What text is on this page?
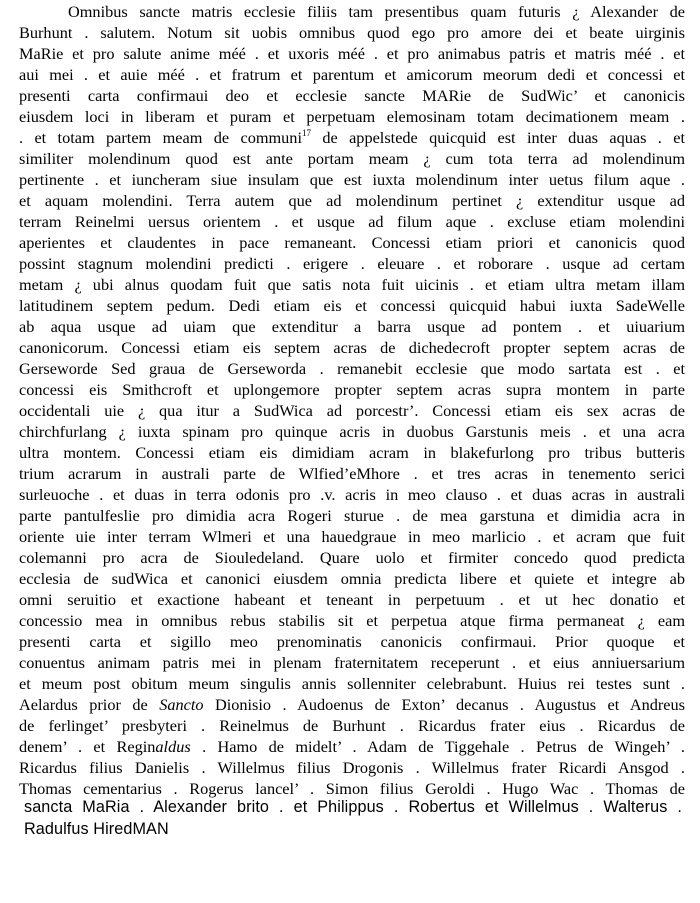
Omnibus sancte matris ecclesie filiis tam presentibus quam futuris ¿ Alexander de
Burhunt . salutem. Notum sit uobis omnibus quod ego pro amore dei et beate uirginis
MaRie et pro salute anime méé . et uxoris méé . et pro animabus patris et matris méé . et
aui mei . et auie méé . et fratrum et parentum et amicorum meorum dedi et concessi et
presenti carta confirmaui deo et ecclesie sancte MARie de SudWic’ et canonicis
eiusdem loci in liberam et puram et perpetuam elemosinam totam decimationem meam .
. et totam partem meam de communi$^{17}$ de appelstede quicquid est inter duas aquas . et
similiter molendinum quod est ante portam meam ¿ cum tota terra ad molendinum
pertinente . et iuncheram siue insulam que est iuxta molendinum inter uetus filum aque .
et aquam molendini. Terra autem que ad molendinum pertinet ¿ extenditur usque ad
terram Reinelmi uersus orientem . et usque ad filum aque . excluse etiam molendini
aperientes et claudentes in pace remaneant. Concessi etiam priori et canonicis quod
possint stagnum molendini predicti . erigere . eleuare . et roborare . usque ad certam
metam ¿ ubi alnus quodam fuit que satis nota fuit uicinis . et etiam ultra metam illam
latitudinem septem pedum. Dedi etiam eis et concessi quicquid habui iuxta SadeWelle
ab aqua usque ad uiam que extenditur a barra usque ad pontem . et uiuarium
canonicorum. Concessi etiam eis septem acras de dichedecroft propter septem acras de
Gerseworde Sed graua de Gerseworda . remanebit ecclesie que modo sartata est . et
concessi eis Smithcroft et uplongemore propter septem acras supra montem in parte
occidentali uie ¿ qua itur a SudWica ad porcestr’. Concessi etiam eis sex acras de
chirchfurlang ¿ iuxta spinam pro quinque acris in duobus Garstunis meis . et una acra
ultra montem. Concessi etiam eis dimidiam acram in blakefurlong pro tribus butteris
trium acrarum in australi parte de Wlfied’eMhore . et tres acras in tenemento serici
surleuoche . et duas in terra odonis pro .v. acris in meo clauso . et duas acras in australi
parte pantulfeslie pro dimidia acra Rogeri sturue . de mea garstuna et dimidia acra in
oriente uie inter terram Wlmeri et una hauedgraue in meo marlicio . et acram que fuit
colemanni pro acra de Siouledeland. Quare uolo et firmiter concedo quod predicta
ecclesia de sudWica et canonici eiusdem omnia predicta libere et quiete et integre ab
omni seruitio et exactione habeant et teneant in perpetuum . et ut hec donatio et
concessio mea in omnibus rebus stabilis sit et perpetua atque firma permaneat ¿ eam
presenti carta et sigillo meo prenominatis canonicis confirmaui. Prior quoque et
conuentus animam patris mei in plenam fraternitatem receperunt . et eius anniuersarium
et meum post obitum meum singulis annis sollenniter celebrabunt. Huius rei testes sunt .
Aelardus prior de Sancto Dionisio . Audoenus de Exton’ decanus . Augustus et Andreus
de ferlinget’ presbyteri . Reinelmus de Burhunt . Ricardus frater eius . Ricardus de
denem’ . et Reginaldus . Hamo de midelt’ . Adam de Tiggehale . Petrus de Wingeh’ .
Ricardus filius Danielis . Willelmus filius Drogonis . Willelmus frater Ricardi Ansgod .
Thomas cementarius . Rogerus lancel’ . Simon filius Geroldi . Hugo Wac . Thomas de
sancta MaRia . Alexander brito . et Philippus . Robertus et Willelmus . Walterus .
Radulfus HiredMAN
